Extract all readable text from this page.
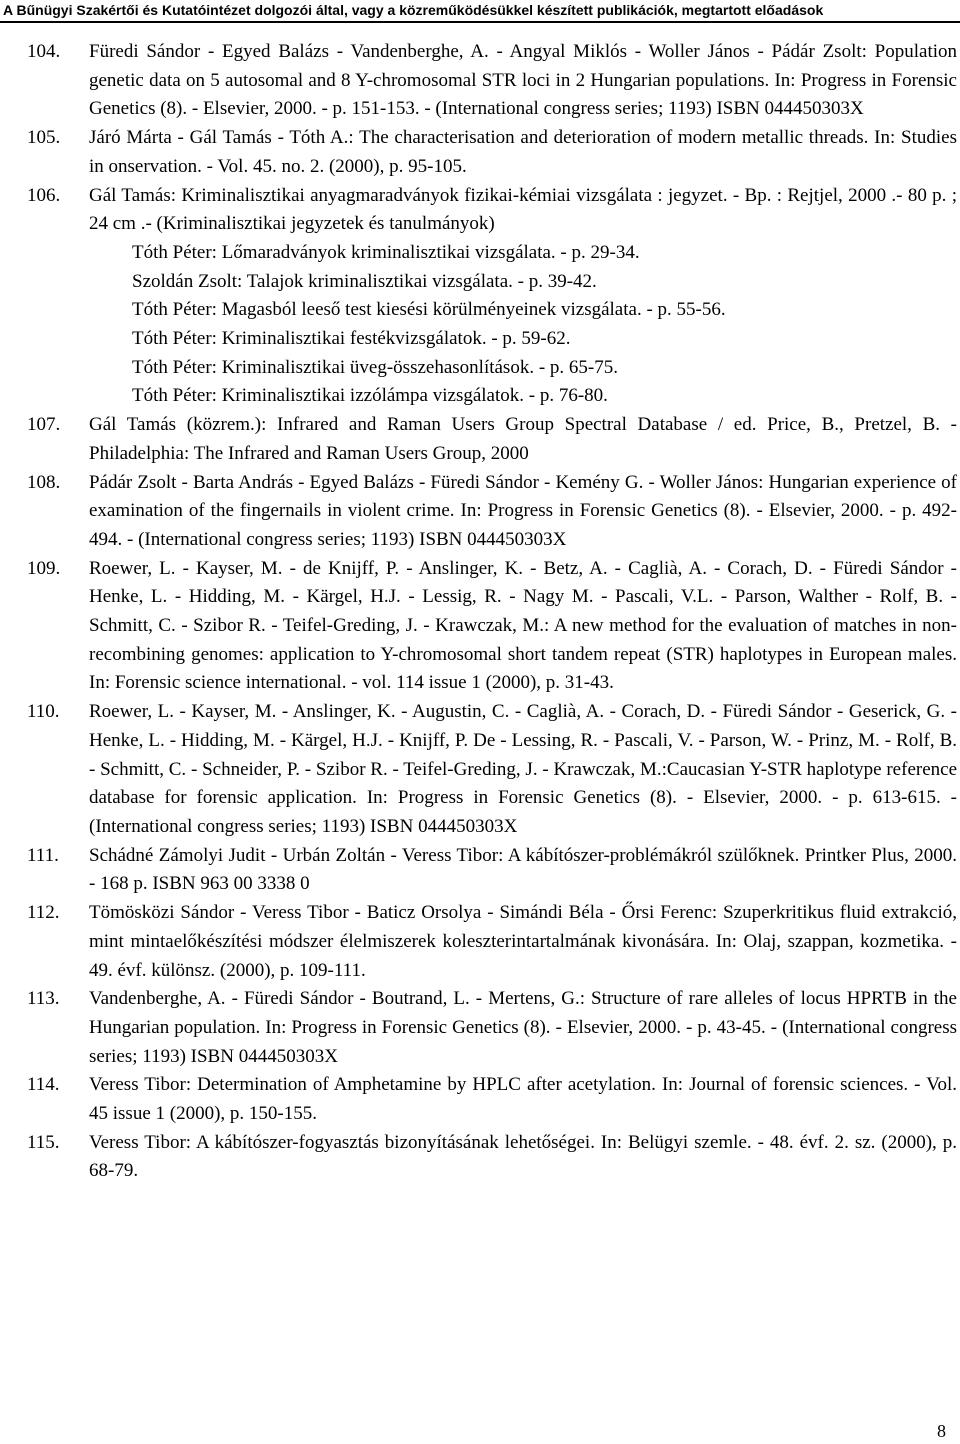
A Bűnügyi Szakértői és Kutatóintézet dolgozói által, vagy a közreműködésükkel készített publikációk, megtartott előadások
104.	Füredi Sándor - Egyed Balázs - Vandenberghe, A. - Angyal Miklós - Woller János - Pádár Zsolt: Population genetic data on 5 autosomal and 8 Y-chromosomal STR loci in 2 Hungarian populations. In: Progress in Forensic Genetics (8). - Elsevier, 2000. - p. 151-153. - (International congress series; 1193) ISBN 044450303X
105.	Járó Márta - Gál Tamás - Tóth A.: The characterisation and deterioration of modern metallic threads. In: Studies in onservation. - Vol. 45. no. 2. (2000), p. 95-105.
106.	Gál Tamás: Kriminalisztikai anyagmaradványok fizikai-kémiai vizsgálata : jegyzet. - Bp. : Rejtjel, 2000 .- 80 p. ; 24 cm .- (Kriminalisztikai jegyzetek és tanulmányok)
Tóth Péter: Lőmaradványok kriminalisztikai vizsgálata. - p. 29-34.
Szoldán Zsolt: Talajok kriminalisztikai vizsgálata. - p. 39-42.
Tóth Péter: Magasból leeső test kiesési körülményeinek vizsgálata. - p. 55-56.
Tóth Péter: Kriminalisztikai festékvizsgálatok. - p. 59-62.
Tóth Péter: Kriminalisztikai üveg-összehasonlítások. - p. 65-75.
Tóth Péter: Kriminalisztikai izzólámpa vizsgálatok. - p. 76-80.
107.	Gál Tamás (közrem.): Infrared and Raman Users Group Spectral Database / ed. Price, B., Pretzel, B. - Philadelphia: The Infrared and Raman Users Group, 2000
108.	Pádár Zsolt - Barta András - Egyed Balázs - Füredi Sándor - Kemény G. - Woller János: Hungarian experience of examination of the fingernails in violent crime. In: Progress in Forensic Genetics (8). - Elsevier, 2000. - p. 492-494. - (International congress series; 1193) ISBN 044450303X
109.	Roewer, L. - Kayser, M. - de Knijff, P. - Anslinger, K. - Betz, A. - Caglià, A. - Corach, D. - Füredi Sándor - Henke, L. - Hidding, M. - Kärgel, H.J. - Lessig, R. - Nagy M. - Pascali, V.L. - Parson, Walther - Rolf, B. - Schmitt, C. - Szibor R. - Teifel-Greding, J. - Krawczak, M.: A new method for the evaluation of matches in non-recombining genomes: application to Y-chromosomal short tandem repeat (STR) haplotypes in European males. In: Forensic science international. - vol. 114 issue 1 (2000), p. 31-43.
110.	Roewer, L. - Kayser, M. - Anslinger, K. - Augustin, C. - Caglià, A. - Corach, D. - Füredi Sándor - Geserick, G. - Henke, L. - Hidding, M. - Kärgel, H.J. - Knijff, P. De - Lessing, R. - Pascali, V. - Parson, W. - Prinz, M. - Rolf, B. - Schmitt, C. - Schneider, P. - Szibor R. - Teifel-Greding, J. - Krawczak, M.:Caucasian Y-STR haplotype reference database for forensic application. In: Progress in Forensic Genetics (8). - Elsevier, 2000. - p. 613-615. - (International congress series; 1193) ISBN 044450303X
111.	Schádné Zámolyi Judit - Urbán Zoltán - Veress Tibor: A kábítószer-problémákról szülőknek. Printker Plus, 2000. - 168 p. ISBN 963 00 3338 0
112.	Tömösközi Sándor - Veress Tibor - Baticz Orsolya - Simándi Béla - Őrsi Ferenc: Szuperkritikus fluid extrakció, mint mintaelőkészítési módszer élelmiszerek koleszterintartalmának kivonására. In: Olaj, szappan, kozmetika. - 49. évf. különsz. (2000), p. 109-111.
113.	Vandenberghe, A. - Füredi Sándor - Boutrand, L. - Mertens, G.: Structure of rare alleles of locus HPRTB in the Hungarian population. In: Progress in Forensic Genetics (8). - Elsevier, 2000. - p. 43-45. - (International congress series; 1193) ISBN 044450303X
114.	Veress Tibor: Determination of Amphetamine by HPLC after acetylation. In: Journal of forensic sciences. - Vol. 45 issue 1 (2000), p. 150-155.
115.	Veress Tibor: A kábítószer-fogyasztás bizonyításának lehetőségei. In: Belügyi szemle. - 48. évf. 2. sz. (2000), p. 68-79.
8
